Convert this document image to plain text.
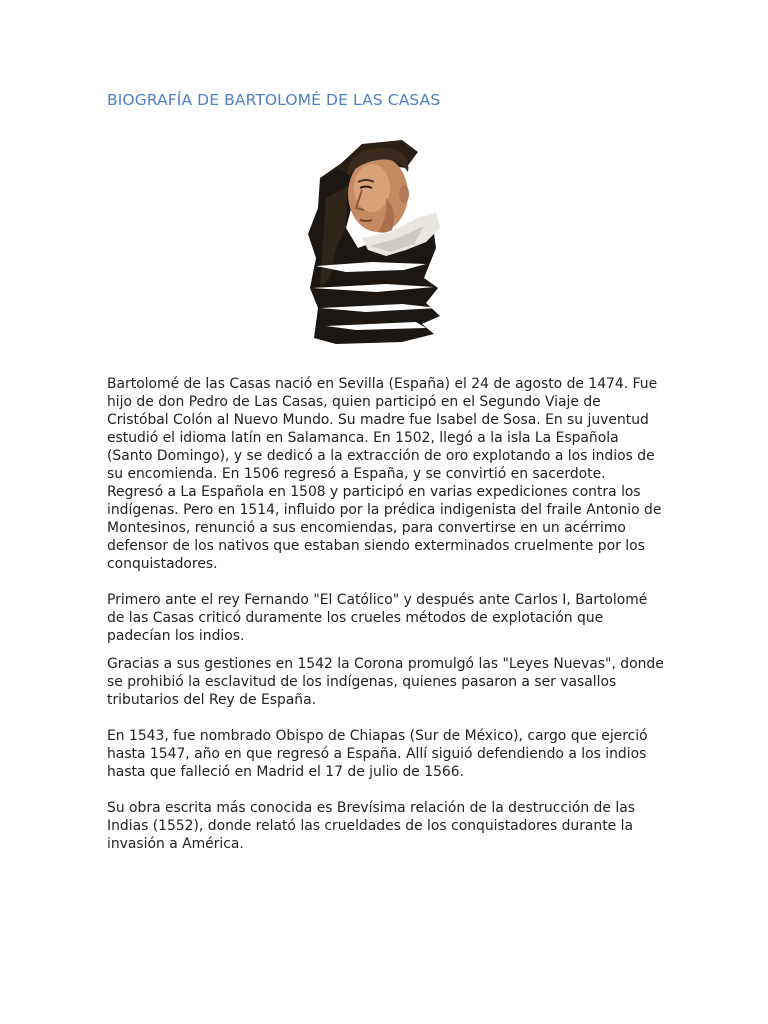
BIOGRAFÍA DE BARTOLOMÉ DE LAS CASAS

Bartolomé de las Casas nació en Sevilla (España) el 24 de agosto de 1474. Fue
hijo de don Pedro de Las Casas, quien participó en el Segundo Viaje de
Cristóbal Colón al Nuevo Mundo. Su madre fue Isabel de Sosa. En su juventud
estudió el idioma latín en Salamanca. En 1502, llegó a la isla La Española
(Santo Domingo), y se dedicó a la extracción de oro explotando a los indios de
su encomienda. En 1506 regresó a España, y se convirtió en sacerdote.
Regresó a La Española en 1508 y participó en varias expediciones contra los
indígenas. Pero en 1514, influido por la prédica indigenista del fraile Antonio de
Montesinos, renunció a sus encomiendas, para convertirse en un acérrimo
defensor de los nativos que estaban siendo exterminados cruelmente por los
conquistadores.

Primero ante el rey Fernando "El Católico" y después ante Carlos I, Bartolomé
de las Casas criticó duramente los crueles métodos de explotación que
padecían los indios.

Gracias a sus gestiones en 1542 la Corona promulgó las "Leyes Nuevas", donde
se prohibió la esclavitud de los indígenas, quienes pasaron a ser vasallos
tributarios del Rey de España.

En 1543, fue nombrado Obispo de Chiapas (Sur de México), cargo que ejerció
hasta 1547, año en que regresó a España. Allí siguió defendiendo a los indios
hasta que falleció en Madrid el 17 de julio de 1566.

Su obra escrita más conocida es Brevísima relación de la destrucción de las
Indias (1552), donde relató las crueldades de los conquistadores durante la
invasión a América.
